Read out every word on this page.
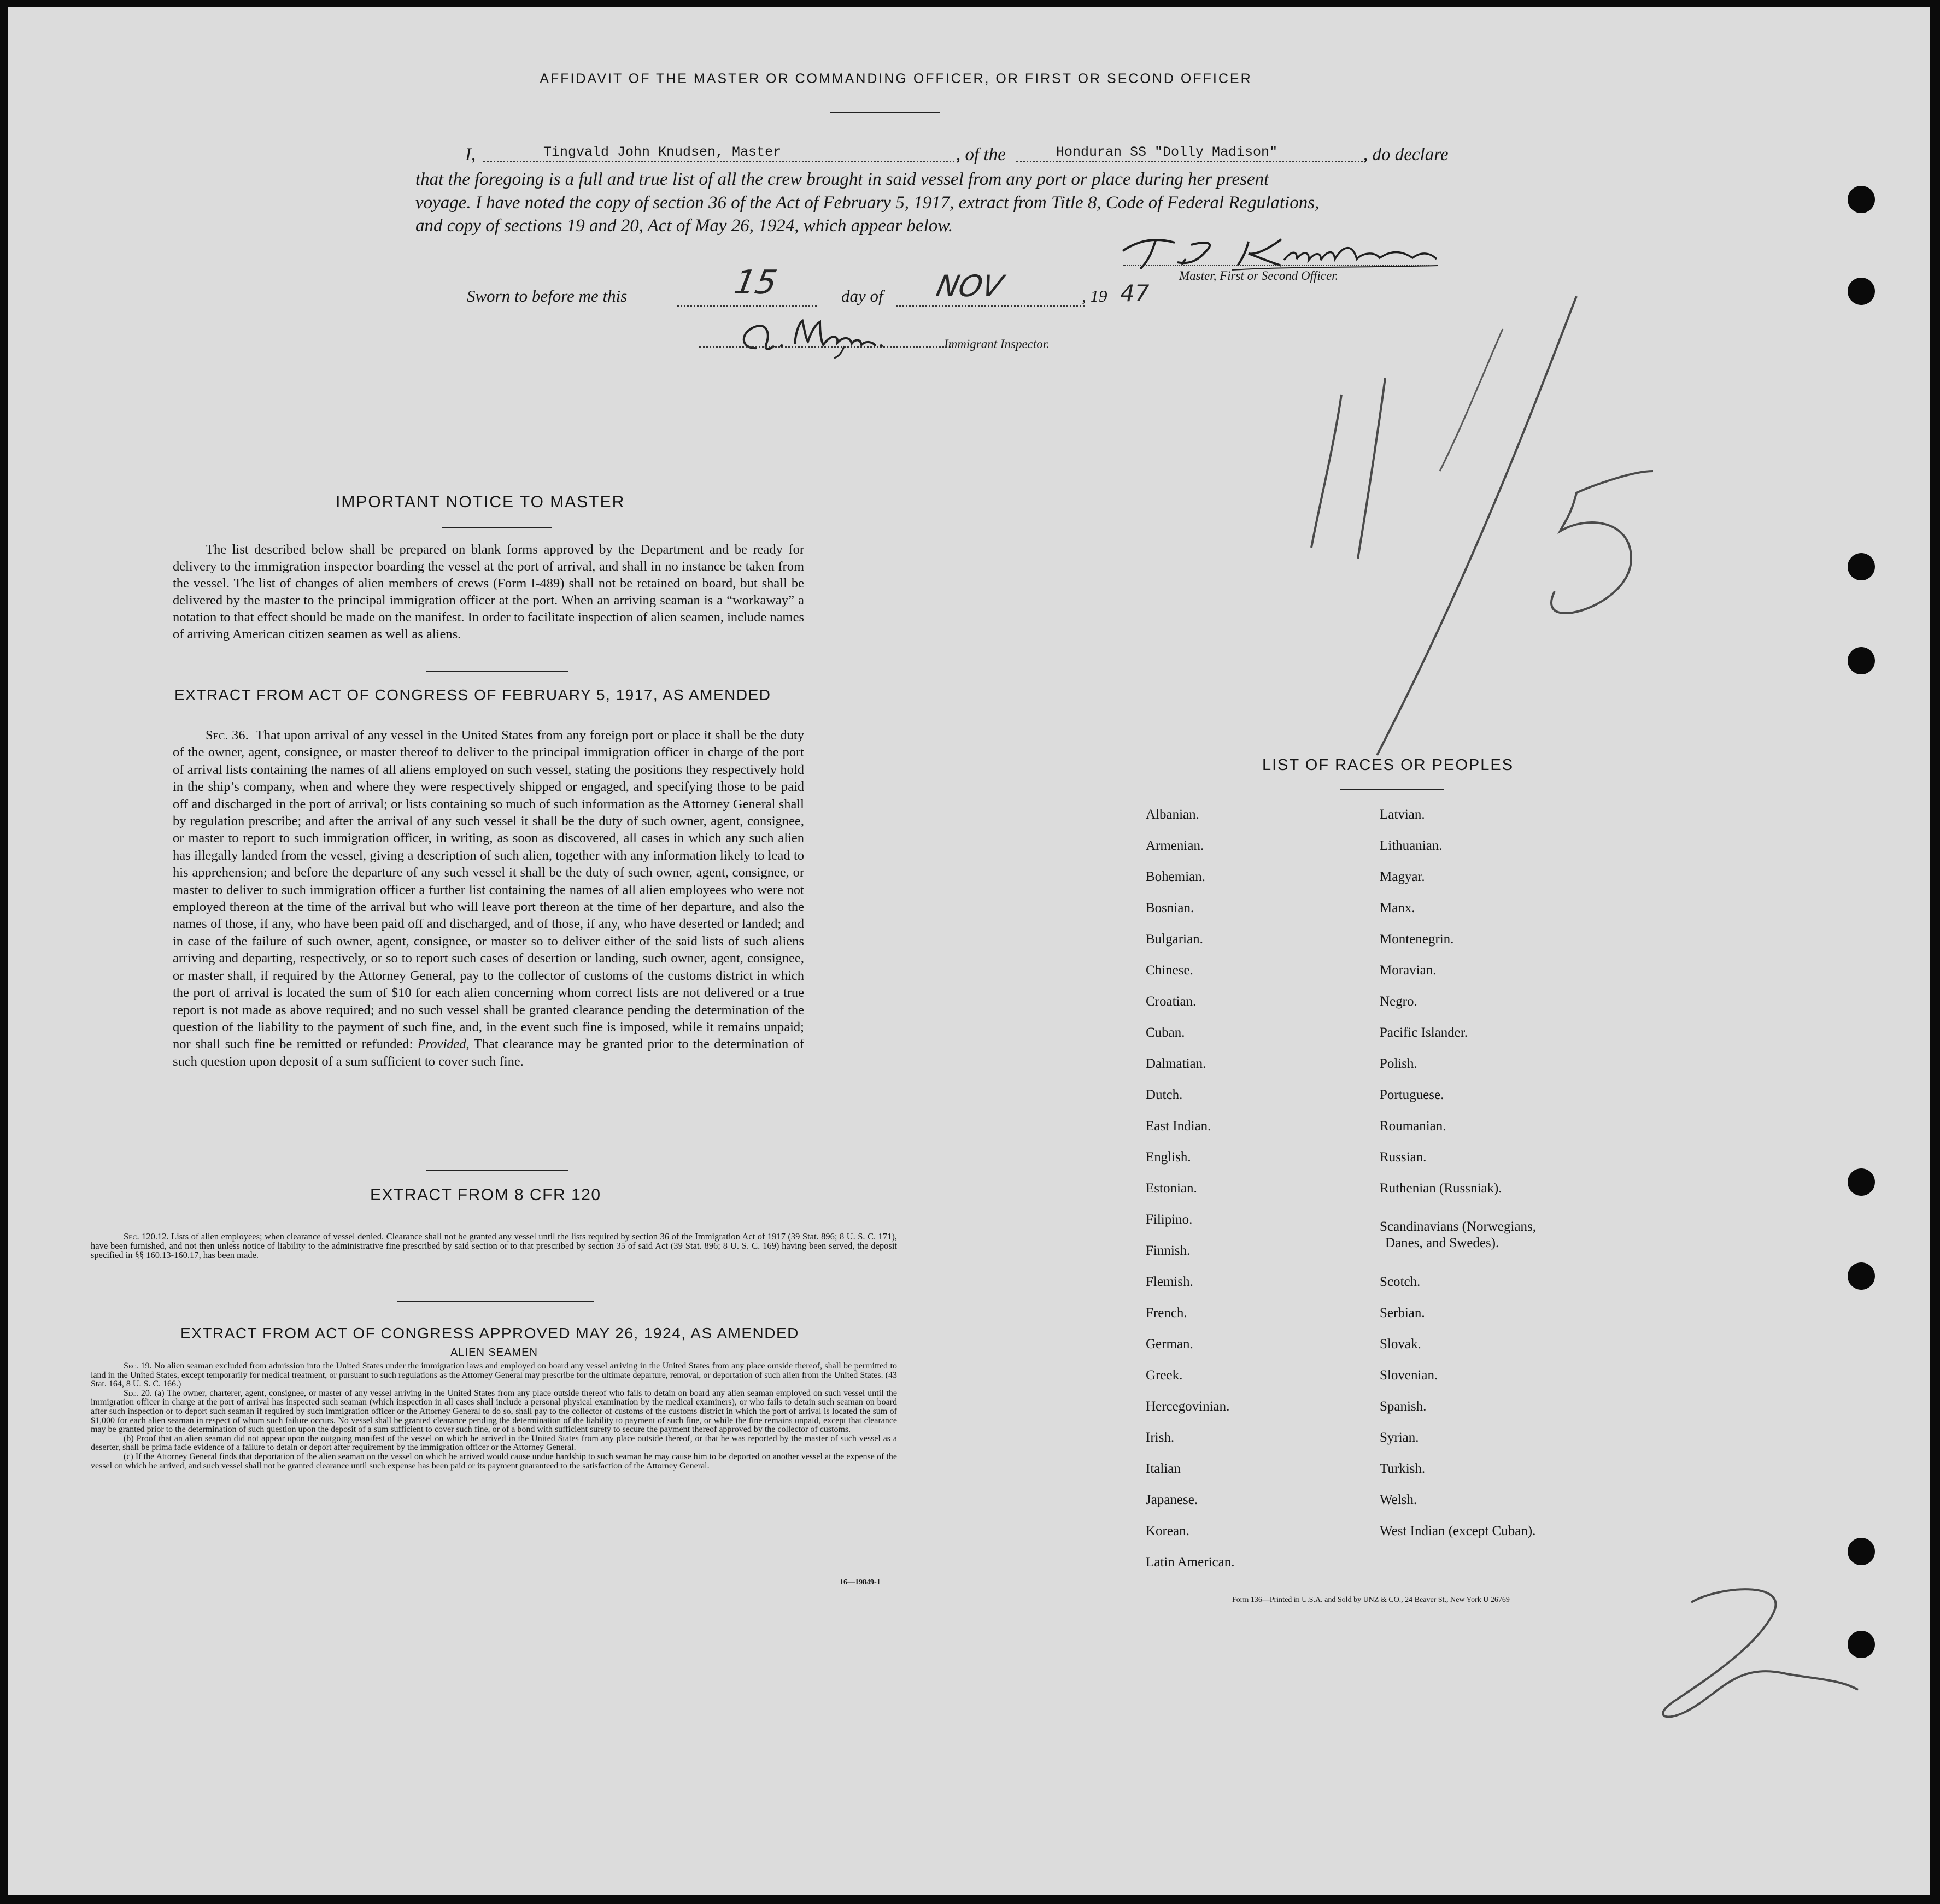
AFFIDAVIT OF THE MASTER OR COMMANDING OFFICER, OR FIRST OR SECOND OFFICER
I,	Tingvald John Knudsen, Master	, of the	Honduran SS "Dolly Madison"	, do declare
that the foregoing is a full and true list of all the crew brought in said vessel from any port or place during her present
voyage. I have noted the copy of section 36 of the Act of February 5, 1917, extract from Title 8, Code of Federal Regulations,
and copy of sections 19 and 20, Act of May 26, 1924, which appear below.
Master, First or Second Officer.
Sworn to before me this	15	day of NOV	, 19 47
Immigrant Inspector.
IMPORTANT NOTICE TO MASTER

The list described below shall be prepared on blank forms approved by the Department and be ready for delivery to the immigration inspector boarding the vessel at the port of arrival, and shall in no instance be taken from the vessel. The list of changes of alien members of crews (Form I-489) shall not be retained on board, but shall be delivered by the master to the principal immigration officer at the port. When an arriving seaman is a “workaway” a notation to that effect should be made on the manifest. In order to facilitate inspection of alien seamen, include names of arriving American citizen seamen as well as aliens.

EXTRACT FROM ACT OF CONGRESS OF FEBRUARY 5, 1917, AS AMENDED

Sec. 36. That upon arrival of any vessel in the United States from any foreign port or place it shall be the duty of the owner, agent, consignee, or master thereof to deliver to the principal immigration officer in charge of the port of arrival lists containing the names of all aliens employed on such vessel, stating the positions they respectively hold in the ship’s company, when and where they were respectively shipped or engaged, and specifying those to be paid off and discharged in the port of arrival; or lists containing so much of such information as the Attorney General shall by regulation prescribe; and after the arrival of any such vessel it shall be the duty of such owner, agent, consignee, or master to report to such immigration officer, in writing, as soon as discovered, all cases in which any such alien has illegally landed from the vessel, giving a description of such alien, together with any information likely to lead to his apprehension; and before the departure of any such vessel it shall be the duty of such owner, agent, consignee, or master to deliver to such immigration officer a further list containing the names of all alien employees who were not employed thereon at the time of the arrival but who will leave port thereon at the time of her departure, and also the names of those, if any, who have been paid off and discharged, and of those, if any, who have deserted or landed; and in case of the failure of such owner, agent, consignee, or master so to deliver either of the said lists of such aliens arriving and departing, respectively, or so to report such cases of desertion or landing, such owner, agent, consignee, or master shall, if required by the Attorney General, pay to the collector of customs of the customs district in which the port of arrival is located the sum of $10 for each alien concerning whom correct lists are not delivered or a true report is not made as above required; and no such vessel shall be granted clearance pending the determination of the question of the liability to the payment of such fine, and, in the event such fine is imposed, while it remains unpaid; nor shall such fine be remitted or refunded: Provided, That clearance may be granted prior to the determination of such question upon deposit of a sum sufficient to cover such fine.

EXTRACT FROM 8 CFR 120

Sec. 120.12. Lists of alien employees; when clearance of vessel denied. Clearance shall not be granted any vessel until the lists required by section 36 of the Immigration Act of 1917 (39 Stat. 896; 8 U. S. C. 171), have been furnished, and not then unless notice of liability to the administrative fine prescribed by said section or to that prescribed by section 35 of said Act (39 Stat. 896; 8 U. S. C. 169) having been served, the deposit specified in §§ 160.13-160.17, has been made.

EXTRACT FROM ACT OF CONGRESS APPROVED MAY 26, 1924, AS AMENDED
ALIEN SEAMEN

Sec. 19. No alien seaman excluded from admission into the United States under the immigration laws and employed on board any vessel arriving in the United States from any place outside thereof, shall be permitted to land in the United States, except temporarily for medical treatment, or pursuant to such regulations as the Attorney General may prescribe for the ultimate departure, removal, or deportation of such alien from the United States. (43 Stat. 164, 8 U. S. C. 166.)

Sec. 20. (a) The owner, charterer, agent, consignee, or master of any vessel arriving in the United States from any place outside thereof who fails to detain on board any alien seaman employed on such vessel until the immigration officer in charge at the port of arrival has inspected such seaman (which inspection in all cases shall include a personal physical examination by the medical examiners), or who fails to detain such seaman on board after such inspection or to deport such seaman if required by such immigration officer or the Attorney General to do so, shall pay to the collector of customs of the customs district in which the port of arrival is located the sum of $1,000 for each alien seaman in respect of whom such failure occurs. No vessel shall be granted clearance pending the determination of the liability to payment of such fine, or while the fine remains unpaid, except that clearance may be granted prior to the determination of such question upon the deposit of a sum sufficient to cover such fine, or of a bond with sufficient surety to secure the payment thereof approved by the collector of customs.

(b) Proof that an alien seaman did not appear upon the outgoing manifest of the vessel on which he arrived in the United States from any place outside thereof, or that he was reported by the master of such vessel as a deserter, shall be prima facie evidence of a failure to detain or deport after requirement by the immigration officer or the Attorney General.

(c) If the Attorney General finds that deportation of the alien seaman on the vessel on which he arrived would cause undue hardship to such seaman he may cause him to be deported on another vessel at the expense of the vessel on which he arrived, and such vessel shall not be granted clearance until such expense has been paid or its payment guaranteed to the satisfaction of the Attorney General.

16—19849-1
LIST OF RACES OR PEOPLES
Albanian.
Armenian.
Bohemian.
Bosnian.
Bulgarian.
Chinese.
Croatian.
Cuban.
Dalmatian.
Dutch.
East Indian.
English.
Estonian.
Filipino.
Finnish.
Flemish.
French.
German.
Greek.
Hercegovinian.
Irish.
Italian
Japanese.
Korean.
Latin American.
Latvian.
Lithuanian.
Magyar.
Manx.
Montenegrin.
Moravian.
Negro.
Pacific Islander.
Polish.
Portuguese.
Roumanian.
Russian.
Ruthenian (Russniak).
Scandinavians (Norwegians,
Danes, and Swedes).
Scotch.
Serbian.
Slovak.
Slovenian.
Spanish.
Syrian.
Turkish.
Welsh.
West Indian (except Cuban).
Form 136—Printed in U.S.A. and Sold by UNZ & CO., 24 Beaver St., New York U 26769
